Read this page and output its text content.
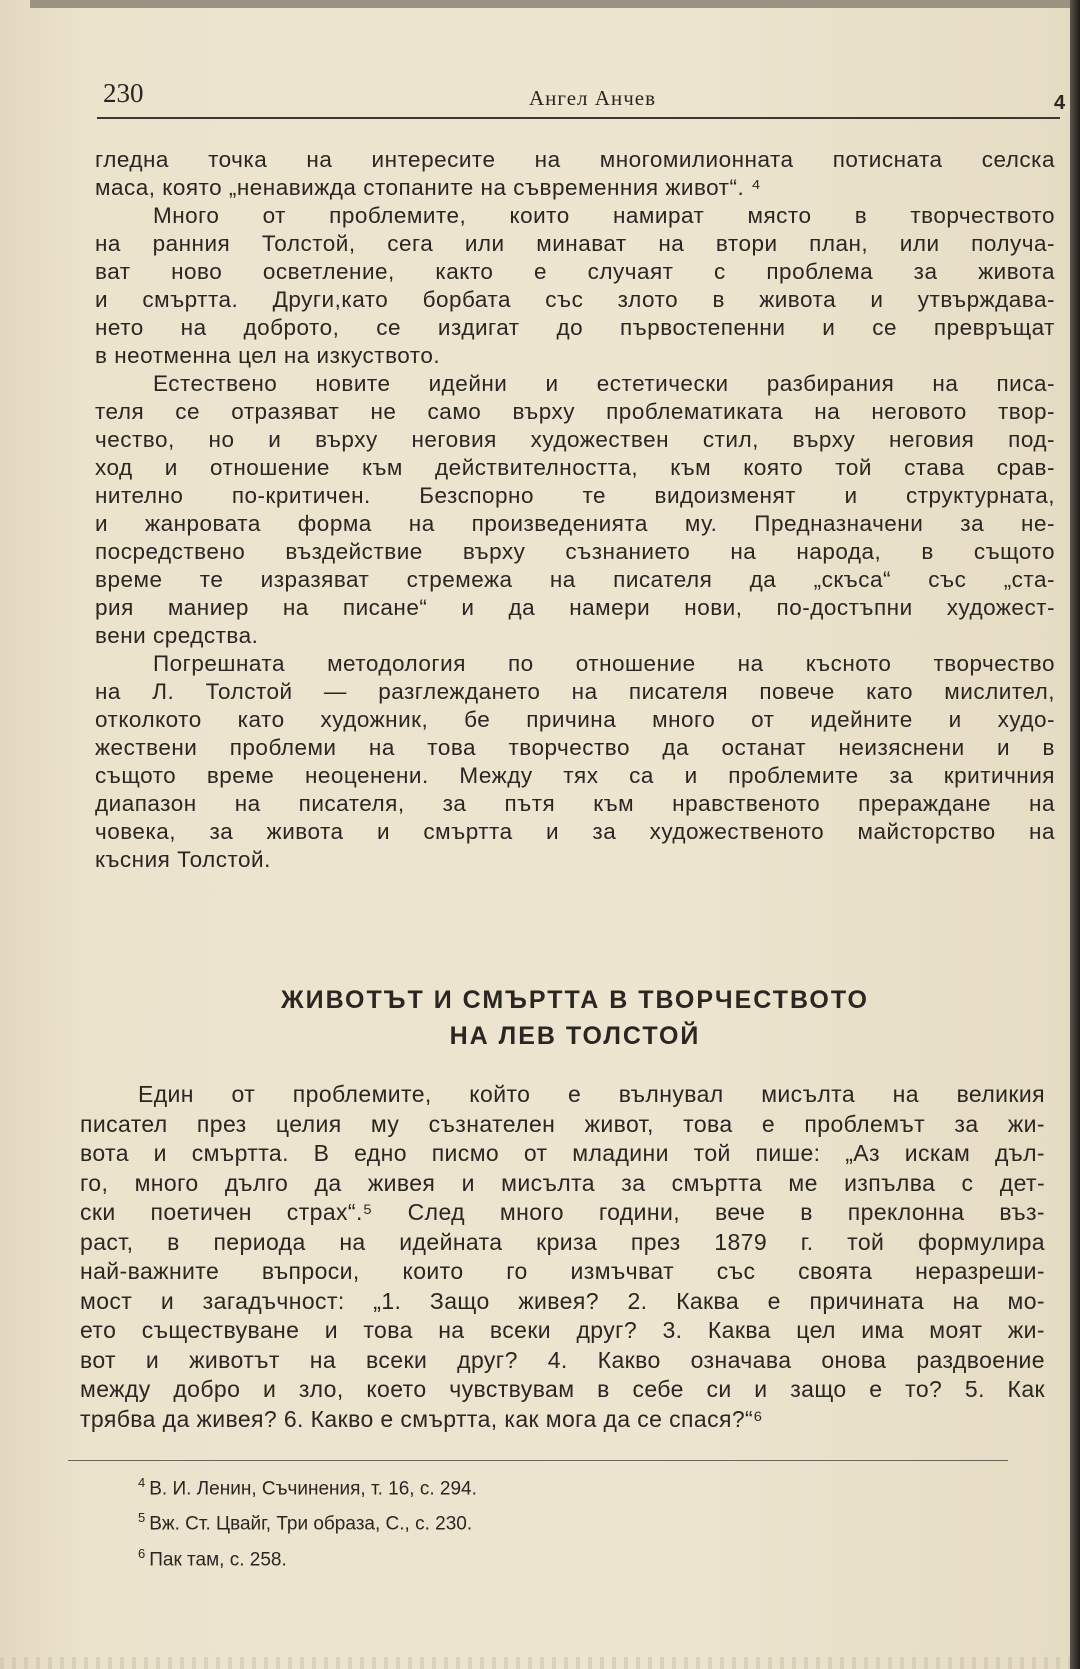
230	Ангел Анчев	4
гледна точка на интересите на многомилионната потисната селска
маса, която „ненавижда стопаните на съвременния живот“. ⁴
Много от проблемите, които намират място в творчеството
на ранния Толстой, сега или минават на втори план, или получа-
ват ново осветление, както е случаят с проблема за живота
и смъртта. Други,като борбата със злото в живота и утвърждава-
нето на доброто, се издигат до първостепенни и се превръщат
в неотменна цел на изкуството.
Естествено новите идейни и естетически разбирания на писа-
теля се отразяват не само върху проблематиката на неговото твор-
чество, но и върху неговия художествен стил, върху неговия под-
ход и отношение към действителността, към която той става срав-
нително по-критичен. Безспорно те видоизменят и структурната,
и жанровата форма на произведенията му. Предназначени за не-
посредствено въздействие върху съзнанието на народа, в същото
време те изразяват стремежа на писателя да „скъса“ със „ста-
рия маниер на писане“ и да намери нови, по-достъпни художест-
вени средства.
Погрешната методология по отношение на късното творчество
на Л. Толстой — разглеждането на писателя повече като мислител,
отколкото като художник, бе причина много от идейните и худо-
жествени проблеми на това творчество да останат неизяснени и в
същото време неоценени. Между тях са и проблемите за критичния
диапазон на писателя, за пътя към нравственото прераждане на
човека, за живота и смъртта и за художественото майсторство на
късния Толстой.
ЖИВОТЪТ И СМЪРТТА В ТВОРЧЕСТВОТО
НА ЛЕВ ТОЛСТОЙ
Един от проблемите, който е вълнувал мисълта на великия
писател през целия му съзнателен живот, това е проблемът за жи-
вота и смъртта. В едно писмо от младини той пише: „Аз искам дъл-
го, много дълго да живея и мисълта за смъртта ме изпълва с дет-
ски поетичен страх“.⁵ След много години, вече в преклонна въз-
раст, в периода на идейната криза през 1879 г. той формулира
най-важните въпроси, които го измъчват със своята неразреши-
мост и загадъчност: „1. Защо живея? 2. Каква е причината на мо-
ето съществуване и това на всеки друг? 3. Каква цел има моят жи-
вот и животът на всеки друг? 4. Какво означава онова раздвоение
между добро и зло, което чувствувам в себе си и защо е то? 5. Как
трябва да живея? 6. Какво е смъртта, как мога да се спася?“⁶
$^4$ В. И. Ленин, Съчинения, т. 16, с. 294.
$^5$ Вж. Ст. Цвайг, Три образа, С., с. 230.
$^6$ Пак там, с. 258.
